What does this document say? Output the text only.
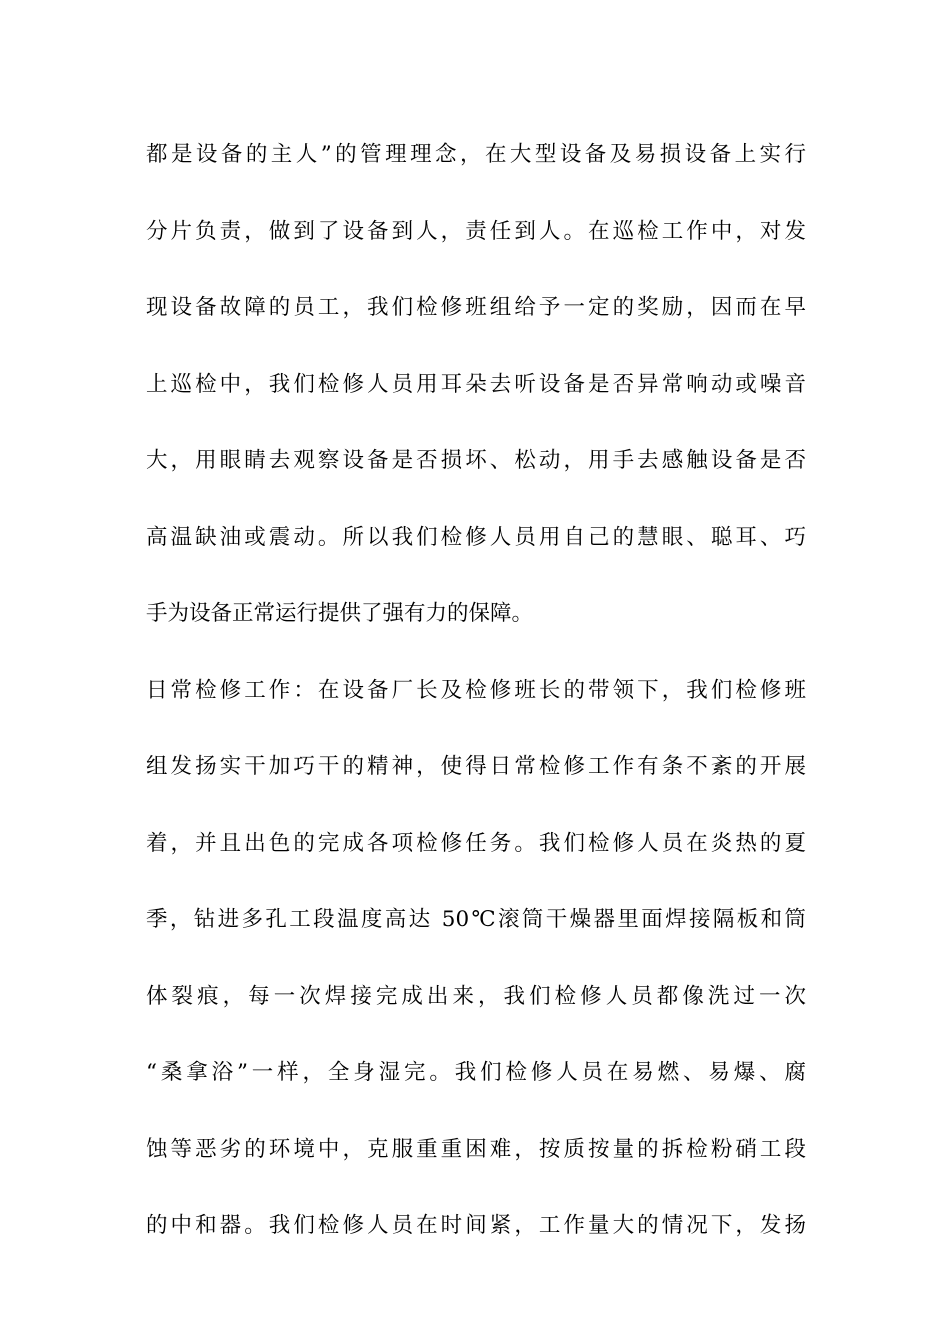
都是设备的主人”的管理理念，在大型设备及易损设备上实行
分片负责，做到了设备到人，责任到人。在巡检工作中，对发
现设备故障的员工，我们检修班组给予一定的奖励，因而在早
上巡检中，我们检修人员用耳朵去听设备是否异常响动或噪音
大，用眼睛去观察设备是否损坏、松动，用手去感触设备是否
高温缺油或震动。所以我们检修人员用自己的慧眼、聪耳、巧
手为设备正常运行提供了强有力的保障。
日常检修工作：在设备厂长及检修班长的带领下，我们检修班
组发扬实干加巧干的精神，使得日常检修工作有条不紊的开展
着，并且出色的完成各项检修任务。我们检修人员在炎热的夏
季，钻进多孔工段温度高达 50℃滚筒干燥器里面焊接隔板和筒
体裂痕，每一次焊接完成出来，我们检修人员都像洗过一次
“桑拿浴”一样，全身湿完。我们检修人员在易燃、易爆、腐
蚀等恶劣的环境中，克服重重困难，按质按量的拆检粉硝工段
的中和器。我们检修人员在时间紧，工作量大的情况下，发扬
